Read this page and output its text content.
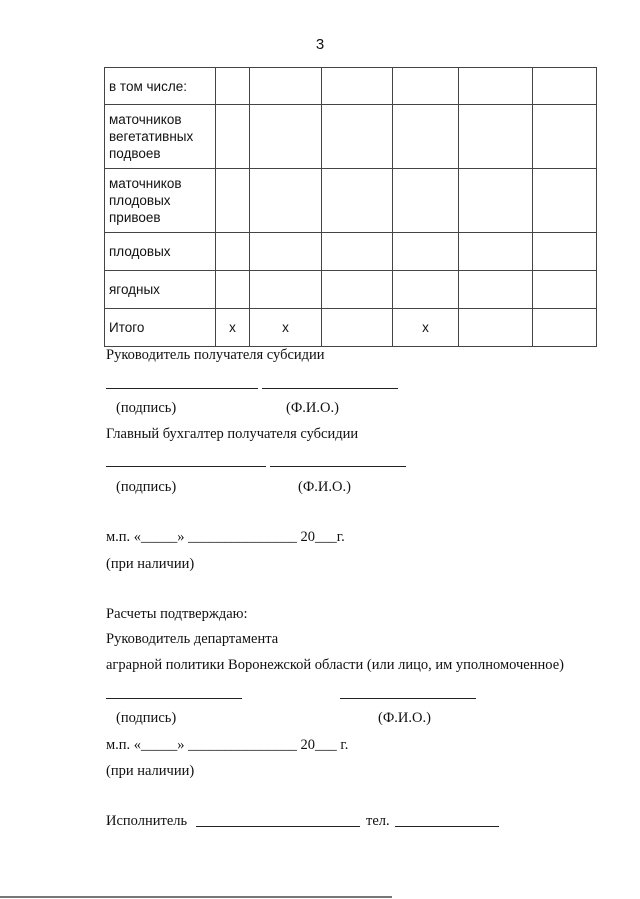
3
в том числе:						
маточников вегетативных подвоев						
маточников плодовых привоев						
плодовых						
ягодных						
Итого	х	х		х		
Руководитель получателя субсидии
(подпись)	(Ф.И.О.)
Главный бухгалтер получателя субсидии
(подпись)	(Ф.И.О.)
м.п. «_____» _______________ 20___г.
(при наличии)
Расчеты подтверждаю:
Руководитель департамента
аграрной политики Воронежской области (или лицо, им уполномоченное)
(подпись)	(Ф.И.О.)
м.п. «_____» _______________ 20___ г.
(при наличии)
Исполнитель	тел.
